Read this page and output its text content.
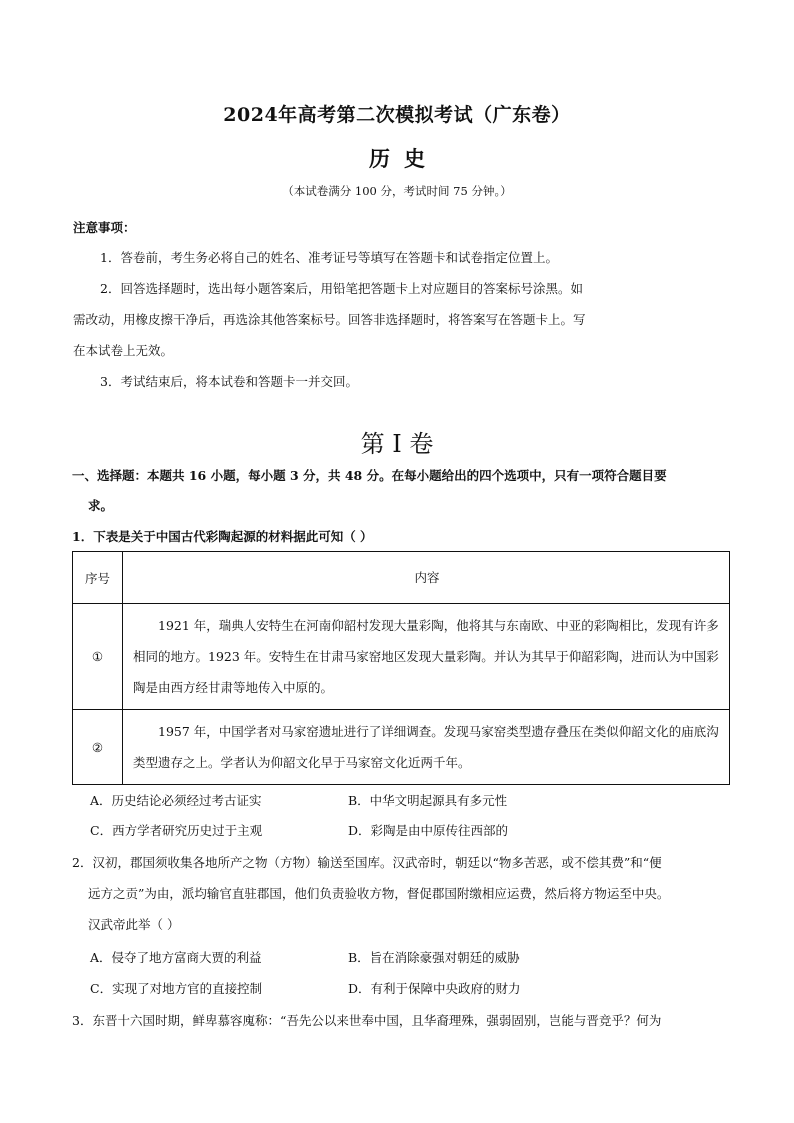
2024年高考第二次模拟考试（广东卷）
历史
（本试卷满分 100 分，考试时间 75 分钟。）
注意事项：
1．答卷前，考生务必将自己的姓名、准考证号等填写在答题卡和试卷指定位置上。
2．回答选择题时，选出每小题答案后，用铅笔把答题卡上对应题目的答案标号涂黑。如
需改动，用橡皮擦干净后，再选涂其他答案标号。回答非选择题时，将答案写在答题卡上。写
在本试卷上无效。
3．考试结束后，将本试卷和答题卡一并交回。
第 I 卷
一、选择题：本题共 16 小题，每小题 3 分，共 48 分。在每小题给出的四个选项中，只有一项符合题目要
求。
1．下表是关于中国古代彩陶起源的材料据此可知（ ）
序号	内容
①	1921 年，瑞典人安特生在河南仰韶村发现大量彩陶，他将其与东南欧、中亚的彩陶相比，发现有许多相同的地方。1923 年。安特生在甘肃马家窑地区发现大量彩陶。并认为其早于仰韶彩陶，进而认为中国彩陶是由西方经甘肃等地传入中原的。
②	1957 年，中国学者对马家窑遗址进行了详细调查。发现马家窑类型遗存叠压在类似仰韶文化的庙底沟类型遗存之上。学者认为仰韶文化早于马家窑文化近两千年。
A．历史结论必须经过考古证实	B．中华文明起源具有多元性
C．西方学者研究历史过于主观	D．彩陶是由中原传往西部的
2．汉初，郡国须收集各地所产之物（方物）输送至国库。汉武帝时，朝廷以“物多苦恶，或不偿其费”和“便
远方之贡”为由，派均输官直驻郡国，他们负责验收方物，督促郡国附缴相应运费，然后将方物运至中央。
汉武帝此举（ ）
A．侵夺了地方富商大贾的利益	B．旨在消除豪强对朝廷的威胁
C．实现了对地方官的直接控制	D．有利于保障中央政府的财力
3．东晋十六国时期，鲜卑慕容廆称：“吾先公以来世奉中国，且华裔理殊，强弱固别，岂能与晋竞乎？何为
